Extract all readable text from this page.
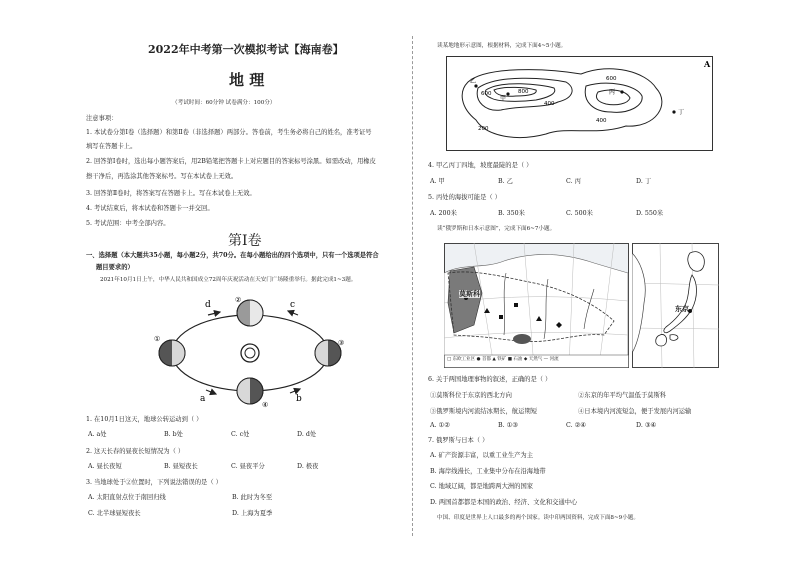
2022年中考第一次模拟考试【海南卷】
地 理
（考试时间：60分钟 试卷满分：100分）
注意事项：
1. 本试卷分第Ⅰ卷（选择题）和第Ⅱ卷（非选择题）两部分。答卷前，考生务必将自己的姓名，准考证号
填写在答题卡上。
2. 回答第Ⅰ卷时，选出每小题答案后，用2B铅笔把答题卡上对应题目的答案标号涂黑。如需改动，用橡皮
擦干净后，再选涂其他答案标号。写在本试卷上无效。
3. 回答第Ⅱ卷时，将答案写在答题卡上。写在本试卷上无效。
4. 考试结束后，将本试卷和答题卡一并交回。
5. 考试范围：中考全部内容。
第Ⅰ卷
一、选择题（本大题共35小题，每小题2分，共70分。在每小题给出的四个选项中，只有一个选项是符合
题目要求的）
2021年10月1日上午，中华人民共和国成立72周年庆祝活动在天安门广场隆重举行。据此完成1~3题。
d	c
a	b
①
②
③
④
1. 在10月1日这天，地球公转运动到（ ）
A. a处	B. b处	C. c处	D. d处
2. 这天长春的昼夜长短情况为（ ）
A. 昼长夜短	B. 昼短夜长	C. 昼夜平分	D. 极夜
3. 当地球处于②位置时，下列说法错误的是（ ）
A. 太阳直射点位于南回归线	B. 此时为冬至
C. 北半球昼短夜长	D. 上海为夏季
读某地地形示意图，根据材料，完成下面4~5小题。
A
800
600
400
200
600
400
乙
甲
丙
丁
4. 甲乙丙丁四地，坡度最陡的是（ ）
A. 甲	B. 乙	C. 丙	D. 丁
5. 丙处的海拔可能是（ ）
A. 200米	B. 350米	C. 500米	D. 550米
读“俄罗斯和日本示意图”，完成下面6~7小题。
莫斯科
□ 东欧工业区 ● 首都 ▲ 铁矿 ■ 石油 ◆ 天然气 — 河流
东京
6. 关于两国地理事物的叙述，正确的是（ ）
①莫斯科位于东京的西北方向	②东京的年平均气温低于莫斯科
③俄罗斯境内河流结冰期长，航运期短	④日本境内河流短急，便于发展内河运输
A. ①②	B. ①③	C. ②④	D. ③④
7. 俄罗斯与日本（ ）
A. 矿产资源丰富，以重工业生产为主
B. 海岸线漫长，工业集中分布在沿海地带
C. 地域辽阔，都是地跨两大洲的国家
D. 两国首都都是本国的政治、经济、文化和交通中心
中国、印度是世界上人口最多的两个国家。读中印两国资料，完成下面8~9小题。
